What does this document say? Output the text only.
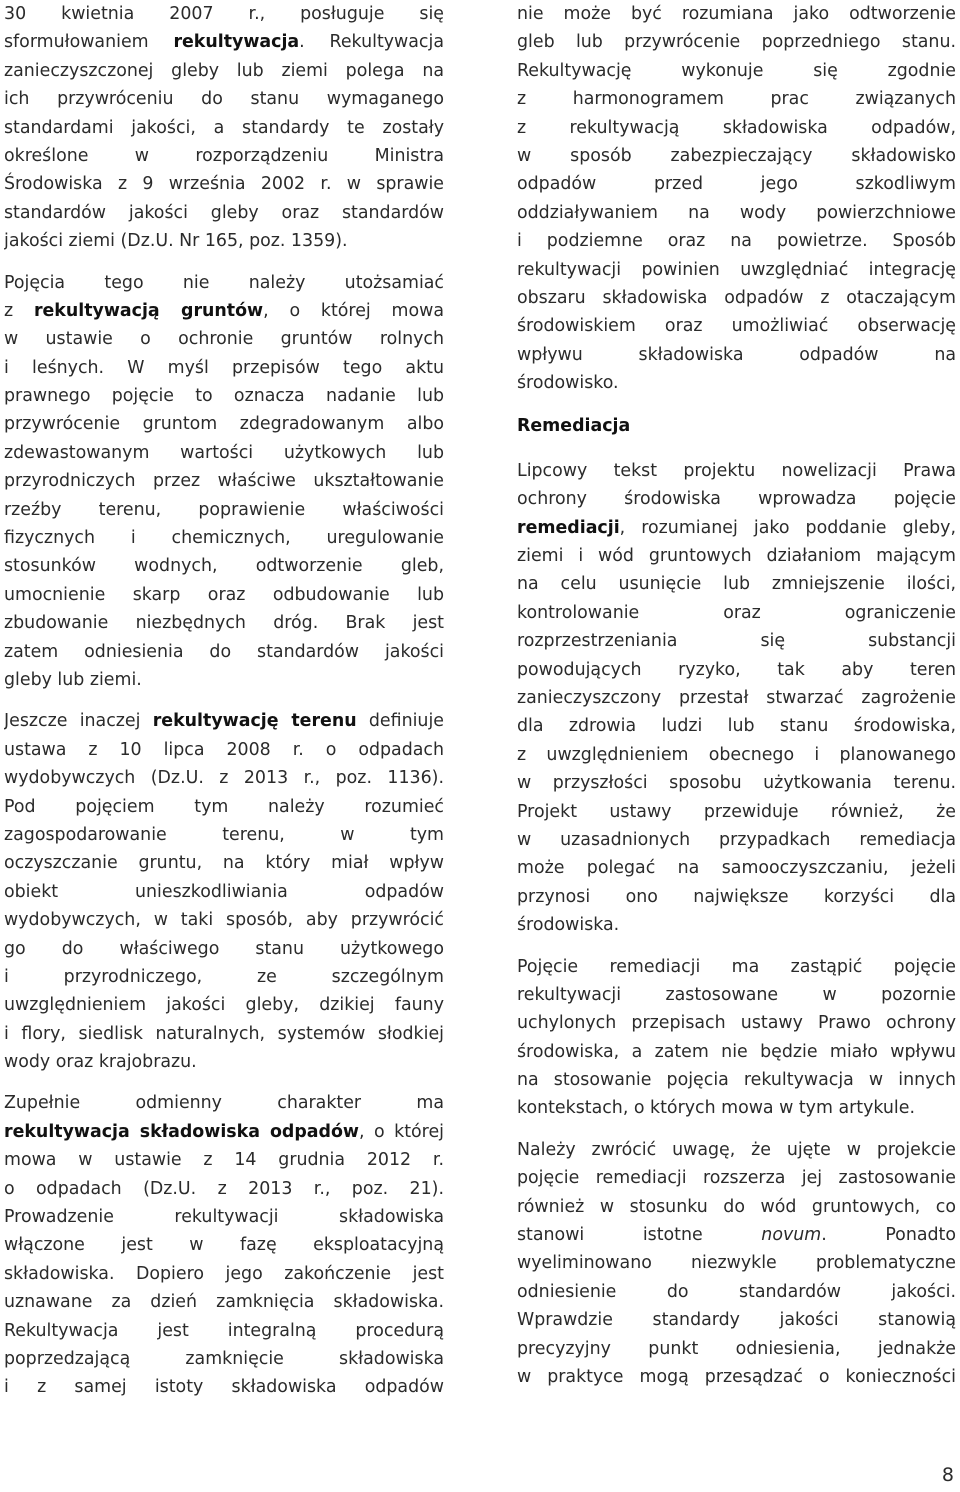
30 kwietnia 2007 r., posługuje się
sformułowaniem rekultywacja. Rekultywacja
zanieczyszczonej gleby lub ziemi polega na
ich przywróceniu do stanu wymaganego
standardami jakości, a standardy te zostały
określone w rozporządzeniu Ministra
Środowiska z 9 września 2002 r. w sprawie
standardów jakości gleby oraz standardów
jakości ziemi (Dz.U. Nr 165, poz. 1359).
Pojęcia tego nie należy utożsamiać
z rekultywacją gruntów, o której mowa
w ustawie o ochronie gruntów rolnych
i leśnych. W myśl przepisów tego aktu
prawnego pojęcie to oznacza nadanie lub
przywrócenie gruntom zdegradowanym albo
zdewastowanym wartości użytkowych lub
przyrodniczych przez właściwe ukształtowanie
rzeźby terenu, poprawienie właściwości
fizycznych i chemicznych, uregulowanie
stosunków wodnych, odtworzenie gleb,
umocnienie skarp oraz odbudowanie lub
zbudowanie niezbędnych dróg. Brak jest
zatem odniesienia do standardów jakości
gleby lub ziemi.
Jeszcze inaczej rekultywację terenu definiuje
ustawa z 10 lipca 2008 r. o odpadach
wydobywczych (Dz.U. z 2013 r., poz. 1136).
Pod pojęciem tym należy rozumieć
zagospodarowanie terenu, w tym
oczyszczanie gruntu, na który miał wpływ
obiekt unieszkodliwiania odpadów
wydobywczych, w taki sposób, aby przywrócić
go do właściwego stanu użytkowego
i przyrodniczego, ze szczególnym
uwzględnieniem jakości gleby, dzikiej fauny
i flory, siedlisk naturalnych, systemów słodkiej
wody oraz krajobrazu.
Zupełnie odmienny charakter ma
rekultywacja składowiska odpadów, o której
mowa w ustawie z 14 grudnia 2012 r.
o odpadach (Dz.U. z 2013 r., poz. 21).
Prowadzenie rekultywacji składowiska
włączone jest w fazę eksploatacyjną
składowiska. Dopiero jego zakończenie jest
uznawane za dzień zamknięcia składowiska.
Rekultywacja jest integralną procedurą
poprzedzającą zamknięcie składowiska
i z samej istoty składowiska odpadów
nie może być rozumiana jako odtworzenie
gleb lub przywrócenie poprzedniego stanu.
Rekultywację wykonuje się zgodnie
z harmonogramem prac związanych
z rekultywacją składowiska odpadów,
w sposób zabezpieczający składowisko
odpadów przed jego szkodliwym
oddziaływaniem na wody powierzchniowe
i podziemne oraz na powietrze. Sposób
rekultywacji powinien uwzględniać integrację
obszaru składowiska odpadów z otaczającym
środowiskiem oraz umożliwiać obserwację
wpływu składowiska odpadów na
środowisko.
Remediacja
Lipcowy tekst projektu nowelizacji Prawa
ochrony środowiska wprowadza pojęcie
remediacji, rozumianej jako poddanie gleby,
ziemi i wód gruntowych działaniom mającym
na celu usunięcie lub zmniejszenie ilości,
kontrolowanie oraz ograniczenie
rozprzestrzeniania się substancji
powodujących ryzyko, tak aby teren
zanieczyszczony przestał stwarzać zagrożenie
dla zdrowia ludzi lub stanu środowiska,
z uwzględnieniem obecnego i planowanego
w przyszłości sposobu użytkowania terenu.
Projekt ustawy przewiduje również, że
w uzasadnionych przypadkach remediacja
może polegać na samooczyszczaniu, jeżeli
przynosi ono największe korzyści dla
środowiska.
Pojęcie remediacji ma zastąpić pojęcie
rekultywacji zastosowane w pozornie
uchylonych przepisach ustawy Prawo ochrony
środowiska, a zatem nie będzie miało wpływu
na stosowanie pojęcia rekultywacja w innych
kontekstach, o których mowa w tym artykule.
Należy zwrócić uwagę, że ujęte w projekcie
pojęcie remediacji rozszerza jej zastosowanie
również w stosunku do wód gruntowych, co
stanowi istotne novum. Ponadto
wyeliminowano niezwykle problematyczne
odniesienie do standardów jakości.
Wprawdzie standardy jakości stanowią
precyzyjny punkt odniesienia, jednakże
w praktyce mogą przesądzać o konieczności
8
